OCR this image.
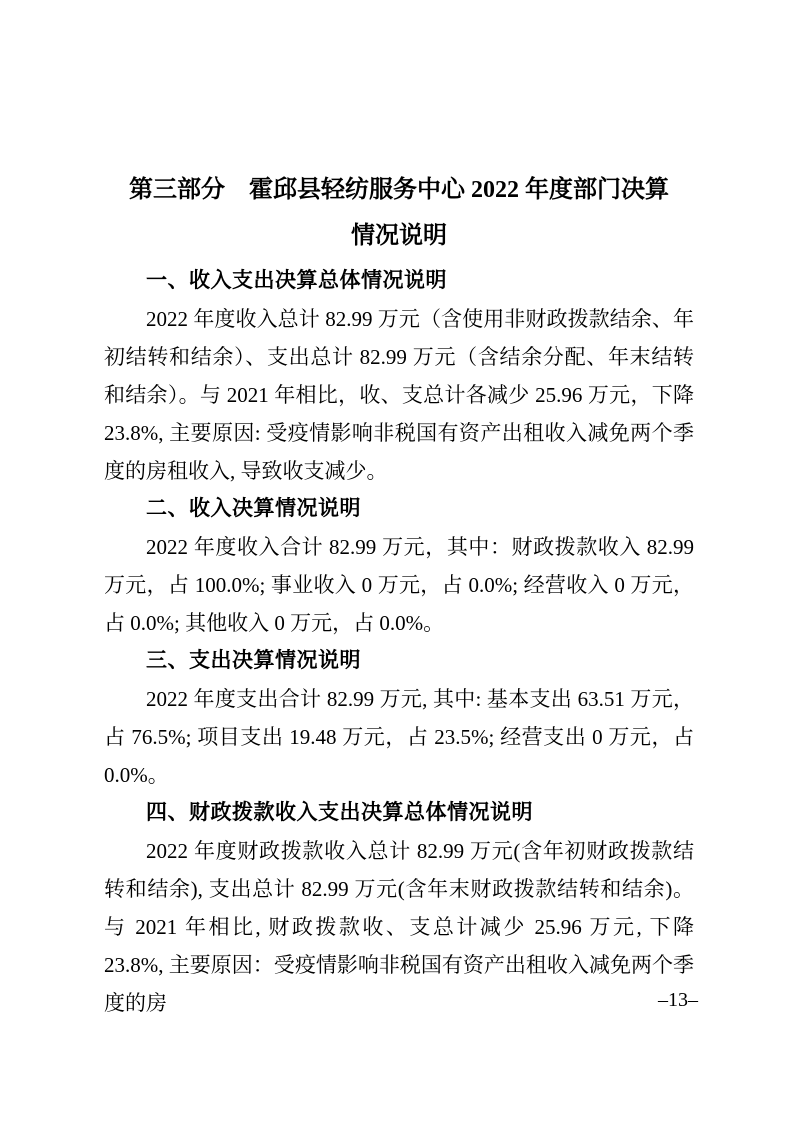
第三部分　霍邱县轻纺服务中心 2022 年度部门决算
情况说明
一、收入支出决算总体情况说明

2022 年度收入总计 82.99 万元（含使用非财政拨款结余、年初结转和结余）、支出总计 82.99 万元（含结余分配、年末结转和结余）。与 2021 年相比，收、支总计各减少 25.96 万元，下降 23.8%, 主要原因: 受疫情影响非税国有资产出租收入减免两个季度的房租收入, 导致收支减少。

二、收入决算情况说明

2022 年度收入合计 82.99 万元，其中：财政拨款收入 82.99 万元，占 100.0%; 事业收入 0 万元，占 0.0%; 经营收入 0 万元，占 0.0%; 其他收入 0 万元，占 0.0%。

三、支出决算情况说明

2022 年度支出合计 82.99 万元, 其中: 基本支出 63.51 万元，占 76.5%; 项目支出 19.48 万元，占 23.5%; 经营支出 0 万元，占 0.0%。

四、财政拨款收入支出决算总体情况说明

2022 年度财政拨款收入总计 82.99 万元(含年初财政拨款结转和结余), 支出总计 82.99 万元(含年末财政拨款结转和结余)。与 2021 年相比, 财政拨款收、支总计减少 25.96 万元, 下降 23.8%, 主要原因：受疫情影响非税国有资产出租收入减免两个季度的房	–13–
